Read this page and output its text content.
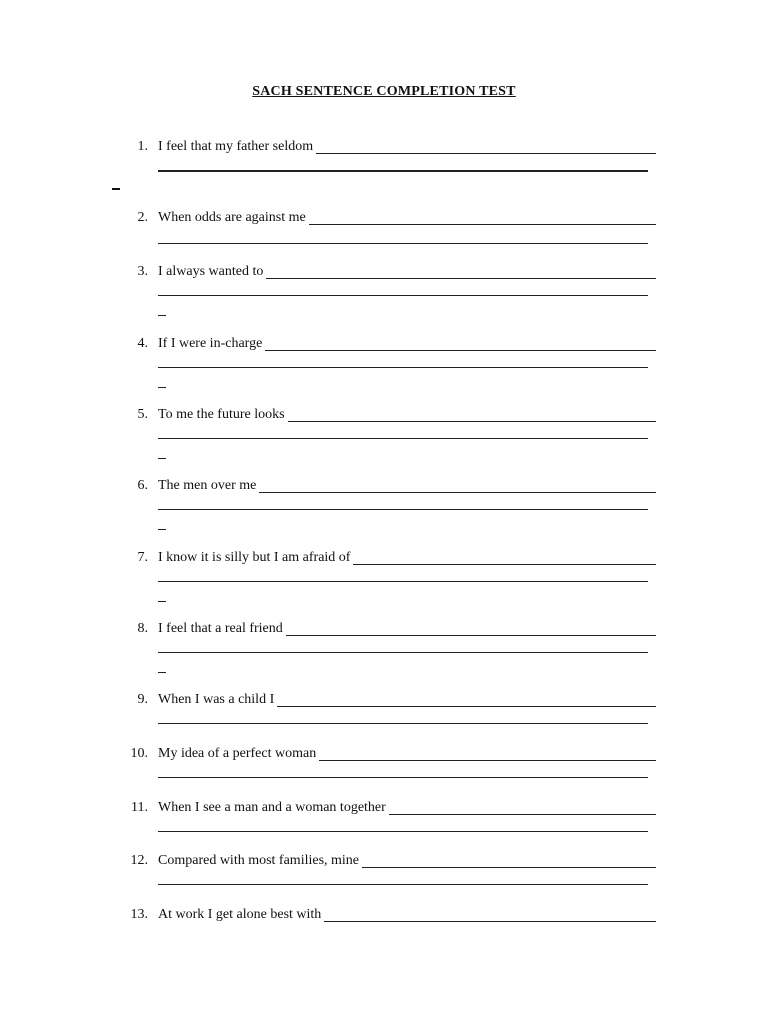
SACH SENTENCE COMPLETION TEST
1. I feel that my father seldom
2. When odds are against me
3. I always wanted to
4. If I were in-charge
5. To me the future looks
6. The men over me
7. I know it is silly but I am afraid of
8. I feel that a real friend
9. When I was a child I
10. My idea of a perfect woman
11. When I see a man and a woman together
12. Compared with most families, mine
13. At work I get alone best with
